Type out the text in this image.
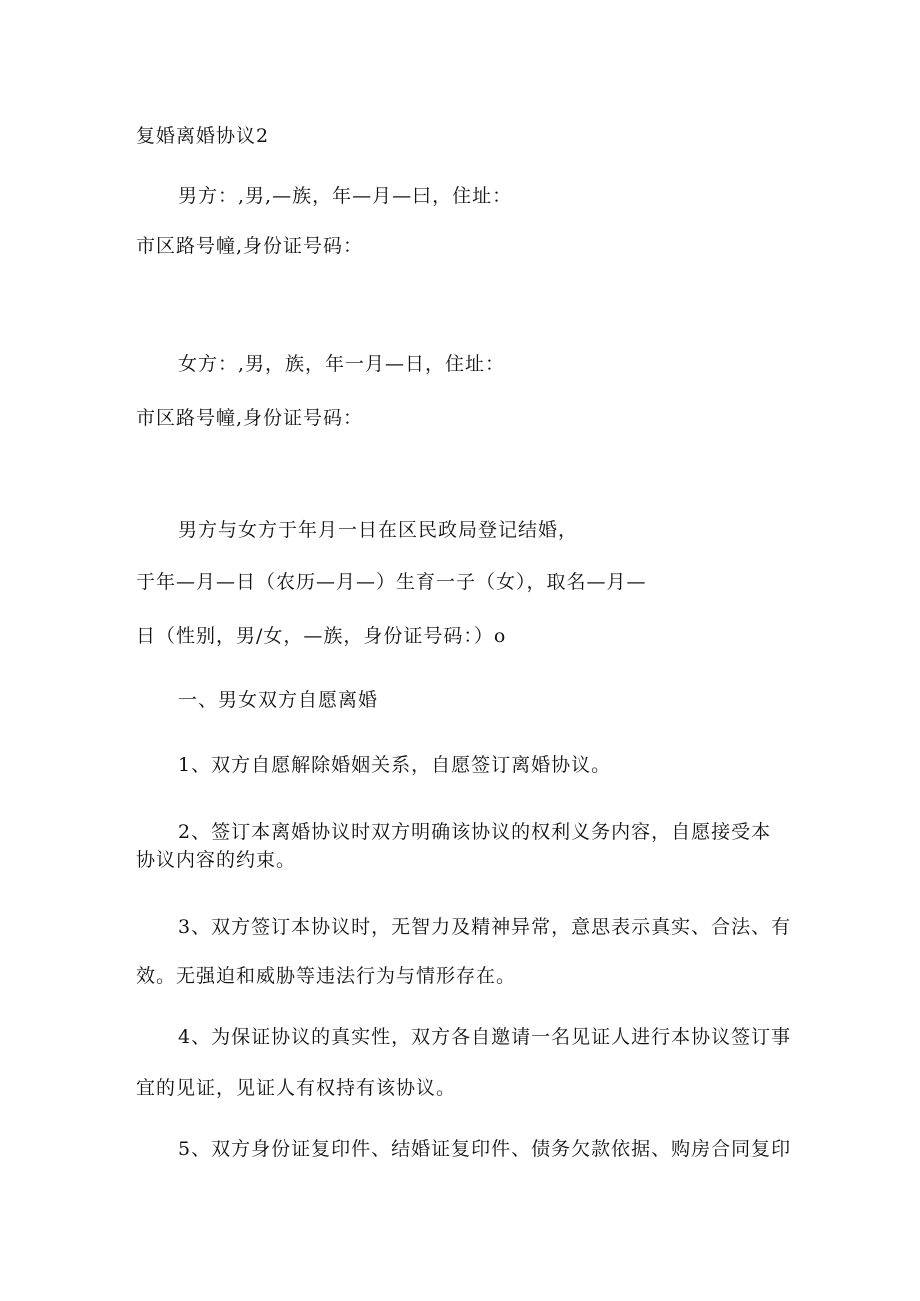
复婚离婚协议2
男方：,男,—族，年—月—曰，住址：
市区路号幢,身份证号码：
女方：,男，族，年一月—日，住址：
市区路号幢,身份证号码：
男方与女方于年月一日在区民政局登记结婚，
于年—月—日（农历—月—）生育一子（女），取名—月—
日（性别，男/女，—族，身份证号码：）o
一、男女双方自愿离婚
1、双方自愿解除婚姻关系，自愿签订离婚协议。
2、签订本离婚协议时双方明确该协议的权利义务内容，自愿接受本
协议内容的约束。
3、双方签订本协议时，无智力及精神异常，意思表示真实、合法、有
效。无强迫和威胁等违法行为与情形存在。
4、为保证协议的真实性，双方各自邀请一名见证人进行本协议签订事
宜的见证，见证人有权持有该协议。
5、双方身份证复印件、结婚证复印件、债务欠款依据、购房合同复印
